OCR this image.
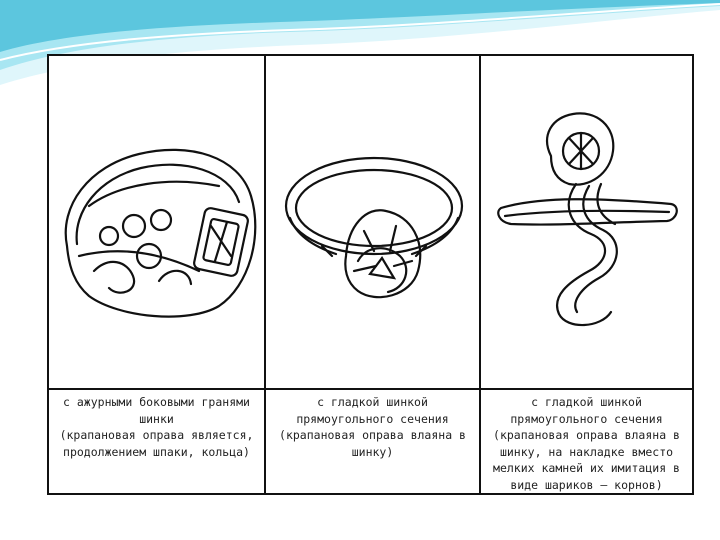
с ажурными боковыми гранями
шинки
(крапановая оправа является,
продолжением шпаки, кольца)
с гладкой шинкой
прямоугольного сечения
(крапановая оправа влаяна в
шинку)
с гладкой шинкой
прямоугольного сечения
(крапановая оправа влаяна в
шинку, на накладке вместо
мелких камней их имитация в
виде шариков — корнов)
